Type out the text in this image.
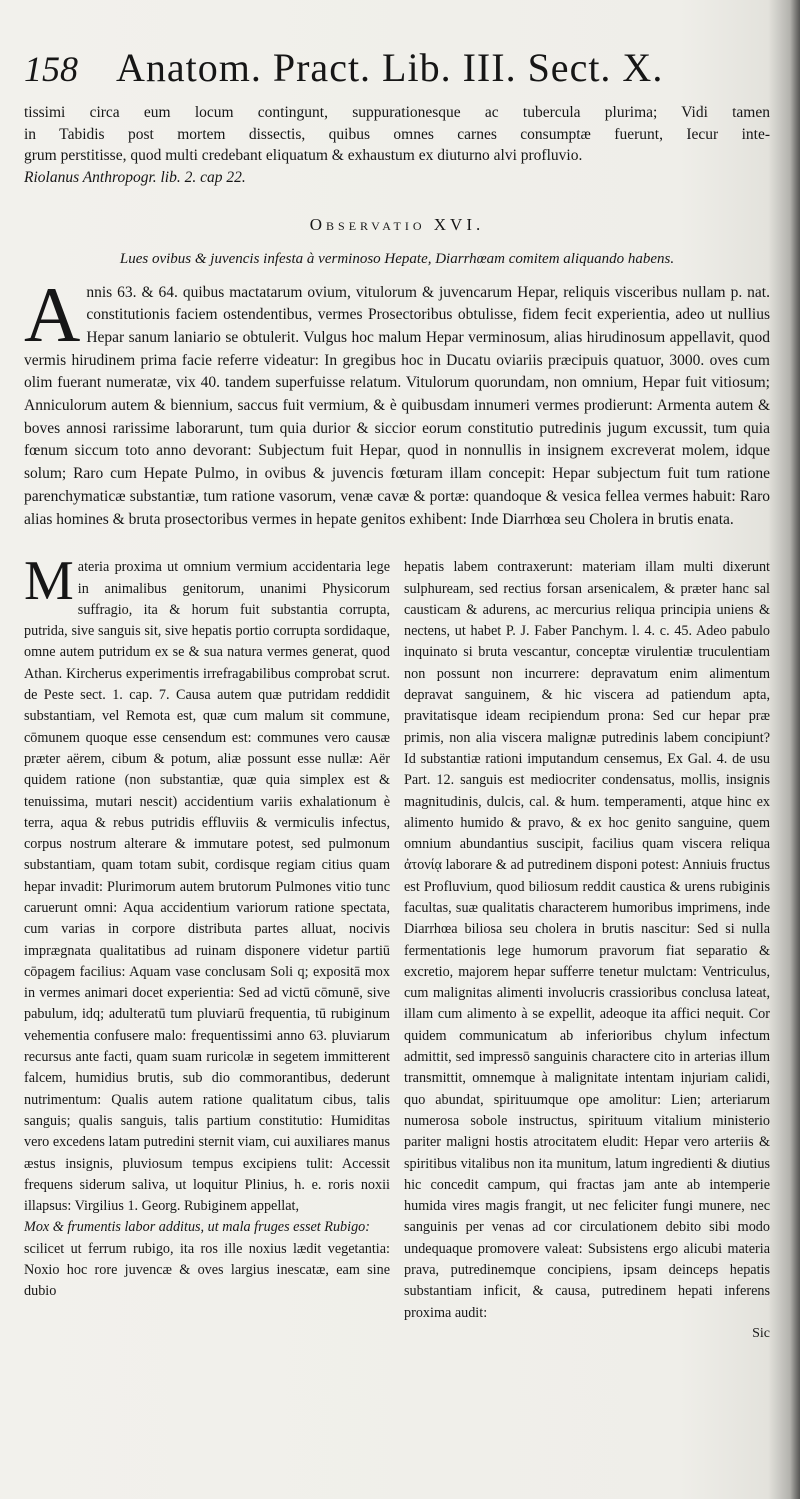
158 Anatom. Pract. Lib. III. Sect. X.

tissimi circa eum locum contingunt, suppurationesque ac tubercula plurima; Vidi tamen

in Tabidis post mortem dissectis, quibus omnes carnes consumptæ fuerunt, Iecur inte-

grum perstitisse, quod multi credebant eliquatum & exhaustum ex diuturno alvi profluvio.

Riolanus Anthropogr. lib. 2. cap 22.

Observatio XVI.
Lues ovibus & juvencis infesta à verminoso Hepate, Diarrhœam comitem aliquando habens.
A nnis 63. & 64. quibus mactatarum ovium, vitulorum & juvencarum Hepar, reliquis visceribus nullam p. nat. constitutionis faciem ostendentibus, vermes Prosectoribus obtulisse, fidem fecit experientia, adeo ut nullius Hepar sanum laniario se obtulerit. Vulgus hoc malum Hepar verminosum, alias hirudinosum appellavit, quod vermis hirudinem prima facie referre videatur: In gregibus hoc in Ducatu oviariis præcipuis quatuor, 3000. oves cum olim fuerant numeratæ, vix 40. tandem superfuisse relatum. Vitulorum quorundam, non omnium, Hepar fuit vitiosum; Anniculorum autem & biennium, saccus fuit vermium, & è quibusdam innumeri vermes prodierunt: Armenta autem & boves annosi rarissime laborarunt, tum quia durior & siccior eorum constitutio putredinis jugum excussit, tum quia fœnum siccum toto anno devorant: Subjectum fuit Hepar, quod in nonnullis in insignem excreverat molem, idque solum; Raro cum Hepate Pulmo, in ovibus & juvencis fœturam illam concepit: Hepar subjectum fuit tum ratione parenchymaticæ substantiæ, tum ratione vasorum, venæ cavæ & portæ: quandoque & vesica fellea vermes habuit: Raro alias homines & bruta prosectoribus vermes in hepate genitos exhibent: Inde Diarrhœa seu Cholera in brutis enata.

M ateria proxima ut omnium vermium accidentaria lege in animalibus genitorum, unanimi Physicorum suffragio, ita & horum fuit substantia corrupta, putrida, sive sanguis sit, sive hepatis portio corrupta sordidaque, omne autem putridum ex se & sua natura vermes generat, quod Athan. Kircherus experimentis irrefragabilibus comprobat scrut. de Peste sect. 1. cap. 7. Causa autem quæ putridam reddidit substantiam, vel Remota est, quæ cum malum sit commune, cōmunem quoque esse censendum est: communes vero causæ præter aërem, cibum & potum, aliæ possunt esse nullæ: Aër quidem ratione (non substantiæ, quæ quia simplex est & tenuissima, mutari nescit) accidentium variis exhalationum è terra, aqua & rebus putridis effluviis & vermiculis infectus, corpus nostrum alterare & immutare potest, sed pulmonum substantiam, quam totam subit, cordisque regiam citius quam hepar invadit: Plurimorum autem brutorum Pulmones vitio tunc caruerunt omni: Aqua accidentium variorum ratione spectata, cum varias in corpore distributa partes alluat, nocivis imprægnata qualitatibus ad ruinam disponere videtur partiū cōpagem facilius: Aquam vase conclusam Soli q; expositā mox in vermes animari docet experientia: Sed ad victū cōmunē, sive pabulum, idq; adulteratū tum pluviarū frequentia, tū rubiginum vehementia confusere malo: frequentissimi anno 63. pluviarum recursus ante facti, quam suam ruricolæ in segetem immitterent falcem, humidius brutis, sub dio commorantibus, dederunt nutrimentum: Qualis autem ratione qualitatum cibus, talis sanguis; qualis sanguis, talis partium constitutio: Humiditas vero excedens latam putredini sternit viam, cui auxiliares manus æstus insignis, pluviosum tempus excipiens tulit: Accessit frequens siderum saliva, ut loquitur Plinius, h. e. roris noxii illapsus: Virgilius 1. Georg. Rubiginem appellat,

Mox & frumentis labor additus, ut mala fruges esset Rubigo:

scilicet ut ferrum rubigo, ita ros ille noxius lædit vegetantia: Noxio hoc rore juvencæ & oves largius inescatæ, eam sine dubio

hepatis labem contraxerunt: materiam illam multi dixerunt sulphuream, sed rectius forsan arsenicalem, & præter hanc sal causticam & adurens, ac mercurius reliqua principia uniens & nectens, ut habet P. J. Faber Panchym. l. 4. c. 45. Adeo pabulo inquinato si bruta vescantur, conceptæ virulentiæ truculentiam non possunt non incurrere: depravatum enim alimentum depravat sanguinem, & hic viscera ad patiendum apta, pravitatisque ideam recipiendum prona: Sed cur hepar præ primis, non alia viscera malignæ putredinis labem concipiunt? Id substantiæ rationi imputandum censemus, Ex Gal. 4. de usu Part. 12. sanguis est mediocriter condensatus, mollis, insignis magnitudinis, dulcis, cal. & hum. temperamenti, atque hinc ex alimento humido & pravo, & ex hoc genito sanguine, quem omnium abundantius suscipit, facilius quam viscera reliqua ἀτονίᾳ laborare & ad putredinem disponi potest: Anniuis fructus est Profluvium, quod biliosum reddit caustica & urens rubiginis facultas, suæ qualitatis characterem humoribus imprimens, inde Diarrhœa biliosa seu cholera in brutis nascitur: Sed si nulla fermentationis lege humorum pravorum fiat separatio & excretio, majorem hepar sufferre tenetur mulctam: Ventriculus, cum malignitas alimenti involucris crassioribus conclusa lateat, illam cum alimento à se expellit, adeoque ita affici nequit. Cor quidem communicatum ab inferioribus chylum infectum admittit, sed impressō sanguinis charactere cito in arterias illum transmittit, omnemque à malignitate intentam injuriam calidi, quo abundat, spirituumque ope amolitur: Lien; arteriarum numerosa sobole instructus, spirituum vitalium ministerio pariter maligni hostis atrocitatem eludit: Hepar vero arteriis & spiritibus vitalibus non ita munitum, latum ingredienti & diutius hic concedit campum, qui fractas jam ante ab intemperie humida vires magis frangit, ut nec feliciter fungi munere, nec sanguinis per venas ad cor circulationem debito sibi modo undequaque promovere valeat: Subsistens ergo alicubi materia prava, putredinemque concipiens, ipsam deinceps hepatis substantiam inficit, & causa, putredinem hepati inferens proxima audit:

Sic
